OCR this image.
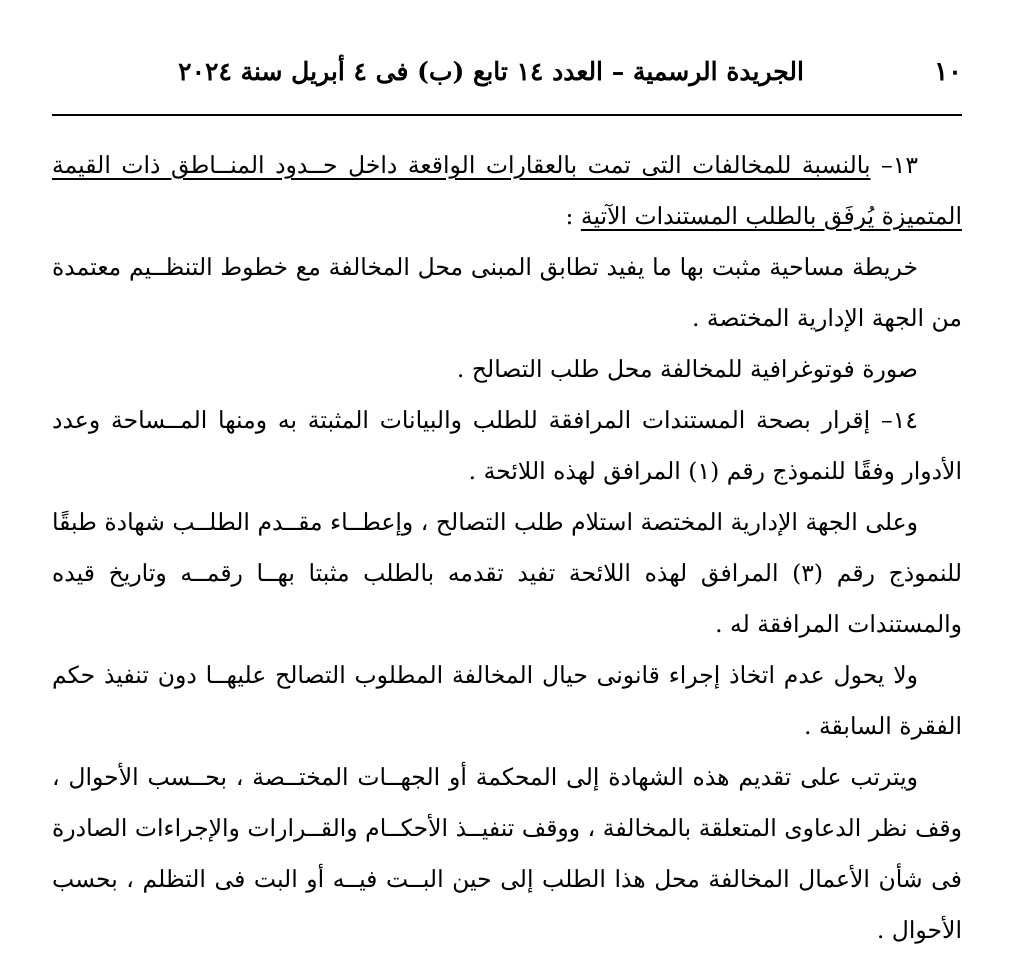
١٠
الجريدة الرسمية – العدد ١٤ تابع (ب) فى ٤ أبريل سنة ٢٠٢٤

١٣– بالنسبة للمخالفات التى تمت بالعقارات الواقعة داخل حــدود المنــاطق ذات القيمة المتميزة يُرفَق بالطلب المستندات الآتية :

خريطة مساحية مثبت بها ما يفيد تطابق المبنى محل المخالفة مع خطوط التنظــيم معتمدة من الجهة الإدارية المختصة .

صورة فوتوغرافية للمخالفة محل طلب التصالح .

١٤– إقرار بصحة المستندات المرافقة للطلب والبيانات المثبتة به ومنها المــساحة وعدد الأدوار وفقًا للنموذج رقم (١) المرافق لهذه اللائحة .

وعلى الجهة الإدارية المختصة استلام طلب التصالح ، وإعطــاء مقــدم الطلــب شهادة طبقًا للنموذج رقم (٣) المرافق لهذه اللائحة تفيد تقدمه بالطلب مثبتا بهــا رقمــه وتاريخ قيده والمستندات المرافقة له .

ولا يحول عدم اتخاذ إجراء قانونى حيال المخالفة المطلوب التصالح عليهــا دون تنفيذ حكم الفقرة السابقة .

ويترتب على تقديم هذه الشهادة إلى المحكمة أو الجهــات المختــصة ، بحــسب الأحوال ، وقف نظر الدعاوى المتعلقة بالمخالفة ، ووقف تنفيــذ الأحكــام والقــرارات والإجراءات الصادرة فى شأن الأعمال المخالفة محل هذا الطلب إلى حين البــت فيــه أو البت فى التظلم ، بحسب الأحوال .
